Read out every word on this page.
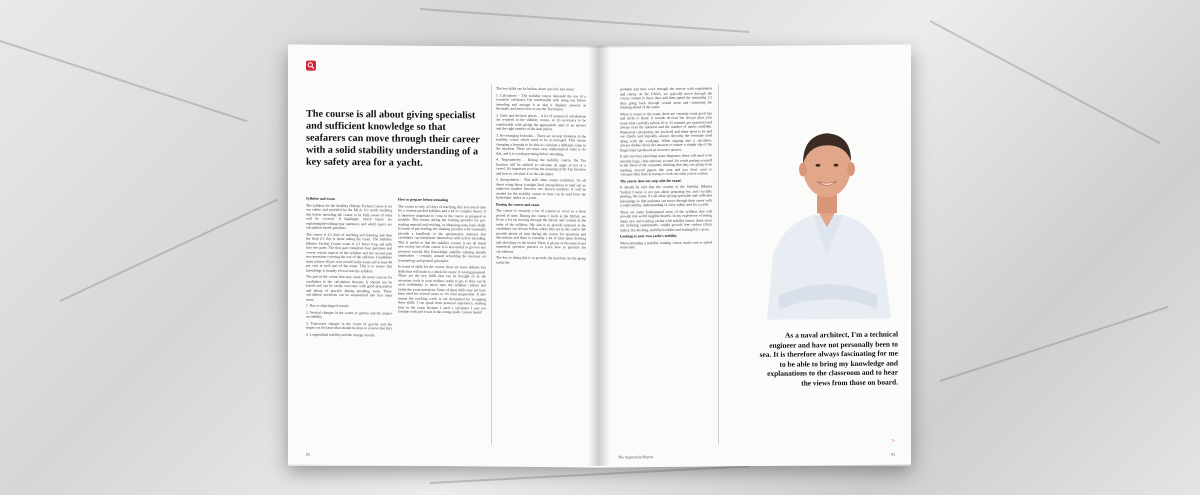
The course is all about giving specialist and sufficient knowledge so that seafarers can move through their career with a solid stability understanding of a key safety area for a yacht.

Syllabus and exam

The syllabus for the Stability (Master Yachts) Course is set out online and provided by the MCA. It's worth studying this before attending the course to be fully aware of what will be covered. It highlights which topics are explaining/describing-type questions and which topics are calculation-based questions.

The course is 4.5 days of teaching and learning and then the final 0.5 day is spent taking the exam. The Stability (Master Yachts) Course exam is 2.5 hours long and split into two parts. The first part comprises four questions and covers certain aspects of the syllabus and the second part two questions covering the rest of the syllabus. Candidates must achieve 60 per cent overall in the exam and at least 40 per cent in each part of the exam. This is to ensure that knowledge is broadly even across the syllabus.

The part of the course that may cause the most concern for candidates is the calculation element. It should not be feared and can be easily overcome with good preparation and plenty of practice during attending week. These calculation questions can be summarised into four main areas:

1. Box or ship-shaped vessels

2. Vertical changes in the centre of gravity and the impact on stability

3. Transverse changes in the centre of gravity and the impact on list (and what should be done to remove that list)

4. Longitudinal stability and the change on trim.

How to prepare before attending

The course is only 4.5 days of teaching; this isn't much time for a content-packed syllabus and a lot of complex theory. It is therefore important to come to the course as prepared as possible. This means asking the training provider for pre-reading material and revising, or obtaining some basic skills. In terms of pre-reading, the training provider will commonly provide a handbook or the presentation material that candidates can familiarise themselves with before attending. This is useful so that the stability content is not all brand new on day one of the course. It is also useful to go over any previous tutorial like Knowledge stability training already undertaken – certainly around refreshing the memory on terminology and general principles.

In terms of skills for the course, there are some definite key skills that will make it a whole lot easier if coming prepared. These are the key skills that can be thought of as the necessary tools in your toolbox, ready to go, so they can be used confidently to move onto the syllabus content and tackle the exam questions. Some of these skills may not have been used for several years so it's vital preparation. It also means the teaching week is not dominated by recapping these skills. I can speak from personal experience, wasting time in the exam because I used a calculator I was not familiar with and it was in the wrong mode. Lesson learnt!

The key skills can be broken down into five key areas:

1. Calculators – The stability course demands the use of a scientific calculator. Get comfortable with using one before attending and arrange it so that it displays answers as decimals, and know how to use the Tan button.

2. Units and decimal places – A lot of numerical calculations are required in the stability course, so it's necessary to be comfortable with giving the appropriate units to an answer and the right number of decimal places.

3. Re-arranging formulas – There are several formulae in the stability course which need to be re-arranged. This means changing a formula to be able to calculate a different value in the equation. There are some easy mathematical rules to do this, and it is worth practising before attending.

4. Trigonometry – During the stability course, the Tan function will be utilised to calculate an angle of list of a vessel. It's important to revise the meaning of the Tan function and how to calculate it on the calculator.

5. Interpolation – This skill often causes confusion. It's all about using linear (straight line) interpolation to find out an unknown number between two known numbers. It will be needed for the stability course so data can be read from the hydrostatic tables of a yacht.

During the course and exam

The course is certainly a lot of content to cover in a short period of time. During the course I teach at the UKSA, we focus a lot on moving through the theory and content in the order of the syllabus. My aim is to provide material at the candidates can always follow where they are in the course. We provide plenty of time during the course for questions and discussions and there is certainly a lot of time spent drawing and sketching on the board. There is plenty of theoretical and numerical question practice to learn how to perform the calculations.

The key to doing this is to provide the question, let the group tackle the

82

problem and then work through the answer with explanation and clarity. At the UKSA, we typically move through the course content in three days and then spend the remaining 1.5 days going back through certain areas and cementing the learning ahead of the exam.

When it comes to the exam, there are certainly some good tips and tricks to share. It sounds obvious but always plan your exam time carefully (about 20 to 25 minutes per question) and always read the question and the number of marks available. Numerical calculations are involved and these need to be laid out clearly and logically, always showing the formulae used along with the workings. When tapping into a calculator, always double check the answers to ensure a simple slip of the finger hasn't produced an incorrect answer.

It also involves sketching some diagrams; these will need to be suitably large, clear and easy to read. It's worth putting yourself in the shoes of the examiner, thinking that they are going to be marking several papers this year and you don't want to consume their time in trying to work out what you've written.

The course does not stop with the exam!

It should be said that the content of the Stability (Master Yachts) Course is not just about preparing for, and crucially passing, the exam. It's all about giving specialist and sufficient knowledge so that seafarers can move through their career with a solid stability understanding of a key safety area for a yacht.

There are some fundamental areas of the syllabus that will provide real-world tangible benefit. In my experience of seeing many new and existing yachts with stability issues, these areas are inclining experiments, weight growth, free surface (slack tanks), dry-docking, stability booklets and loading KG curves.

Looking at your own yacht's stability

When attending a stability training course, make sure to spend some time

As a naval architect, I'm a technical engineer and have not personally been to sea. It is therefore always fascinating for me to be able to bring my knowledge and explanations to the classroom and to hear the views from those on board.
The Superyacht Report
83
>
